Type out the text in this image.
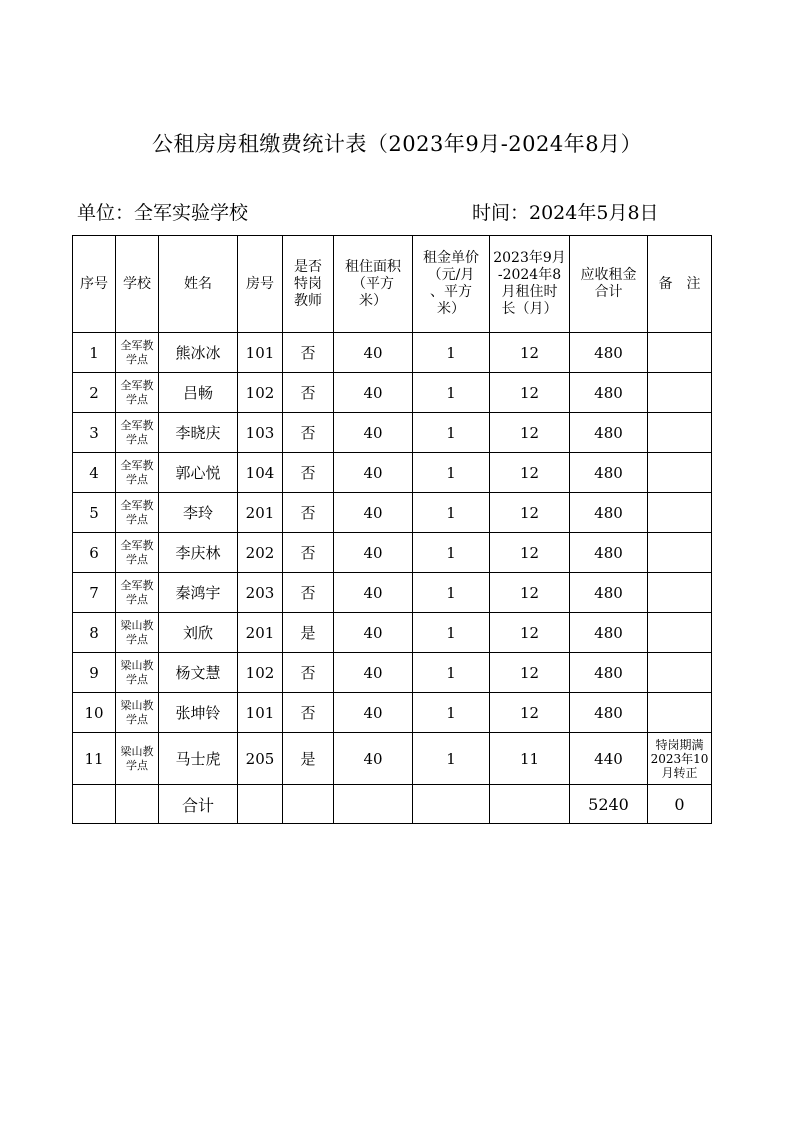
公租房房租缴费统计表（2023年9月-2024年8月）
单位：全军实验学校	时间：2024年5月8日
序号	学校	姓名	房号	是否
特岗
教师	租住面积
（平方
米）	租金单价
（元/月
、平方
米）	2023年9月
-2024年8
月租住时
长（月）	应收租金
合计	备　注
1	全军教
学点	熊冰冰	101	否	40	1	12	480	
2	全军教
学点	吕畅	102	否	40	1	12	480	
3	全军教
学点	李晓庆	103	否	40	1	12	480	
4	全军教
学点	郭心悦	104	否	40	1	12	480	
5	全军教
学点	李玲	201	否	40	1	12	480	
6	全军教
学点	李庆林	202	否	40	1	12	480	
7	全军教
学点	秦鸿宇	203	否	40	1	12	480	
8	梁山教
学点	刘欣	201	是	40	1	12	480	
9	梁山教
学点	杨文慧	102	否	40	1	12	480	
10	梁山教
学点	张坤铃	101	否	40	1	12	480	
11	梁山教
学点	马士虎	205	是	40	1	11	440	特岗期满
2023年10
月转正
		合计						5240	0
